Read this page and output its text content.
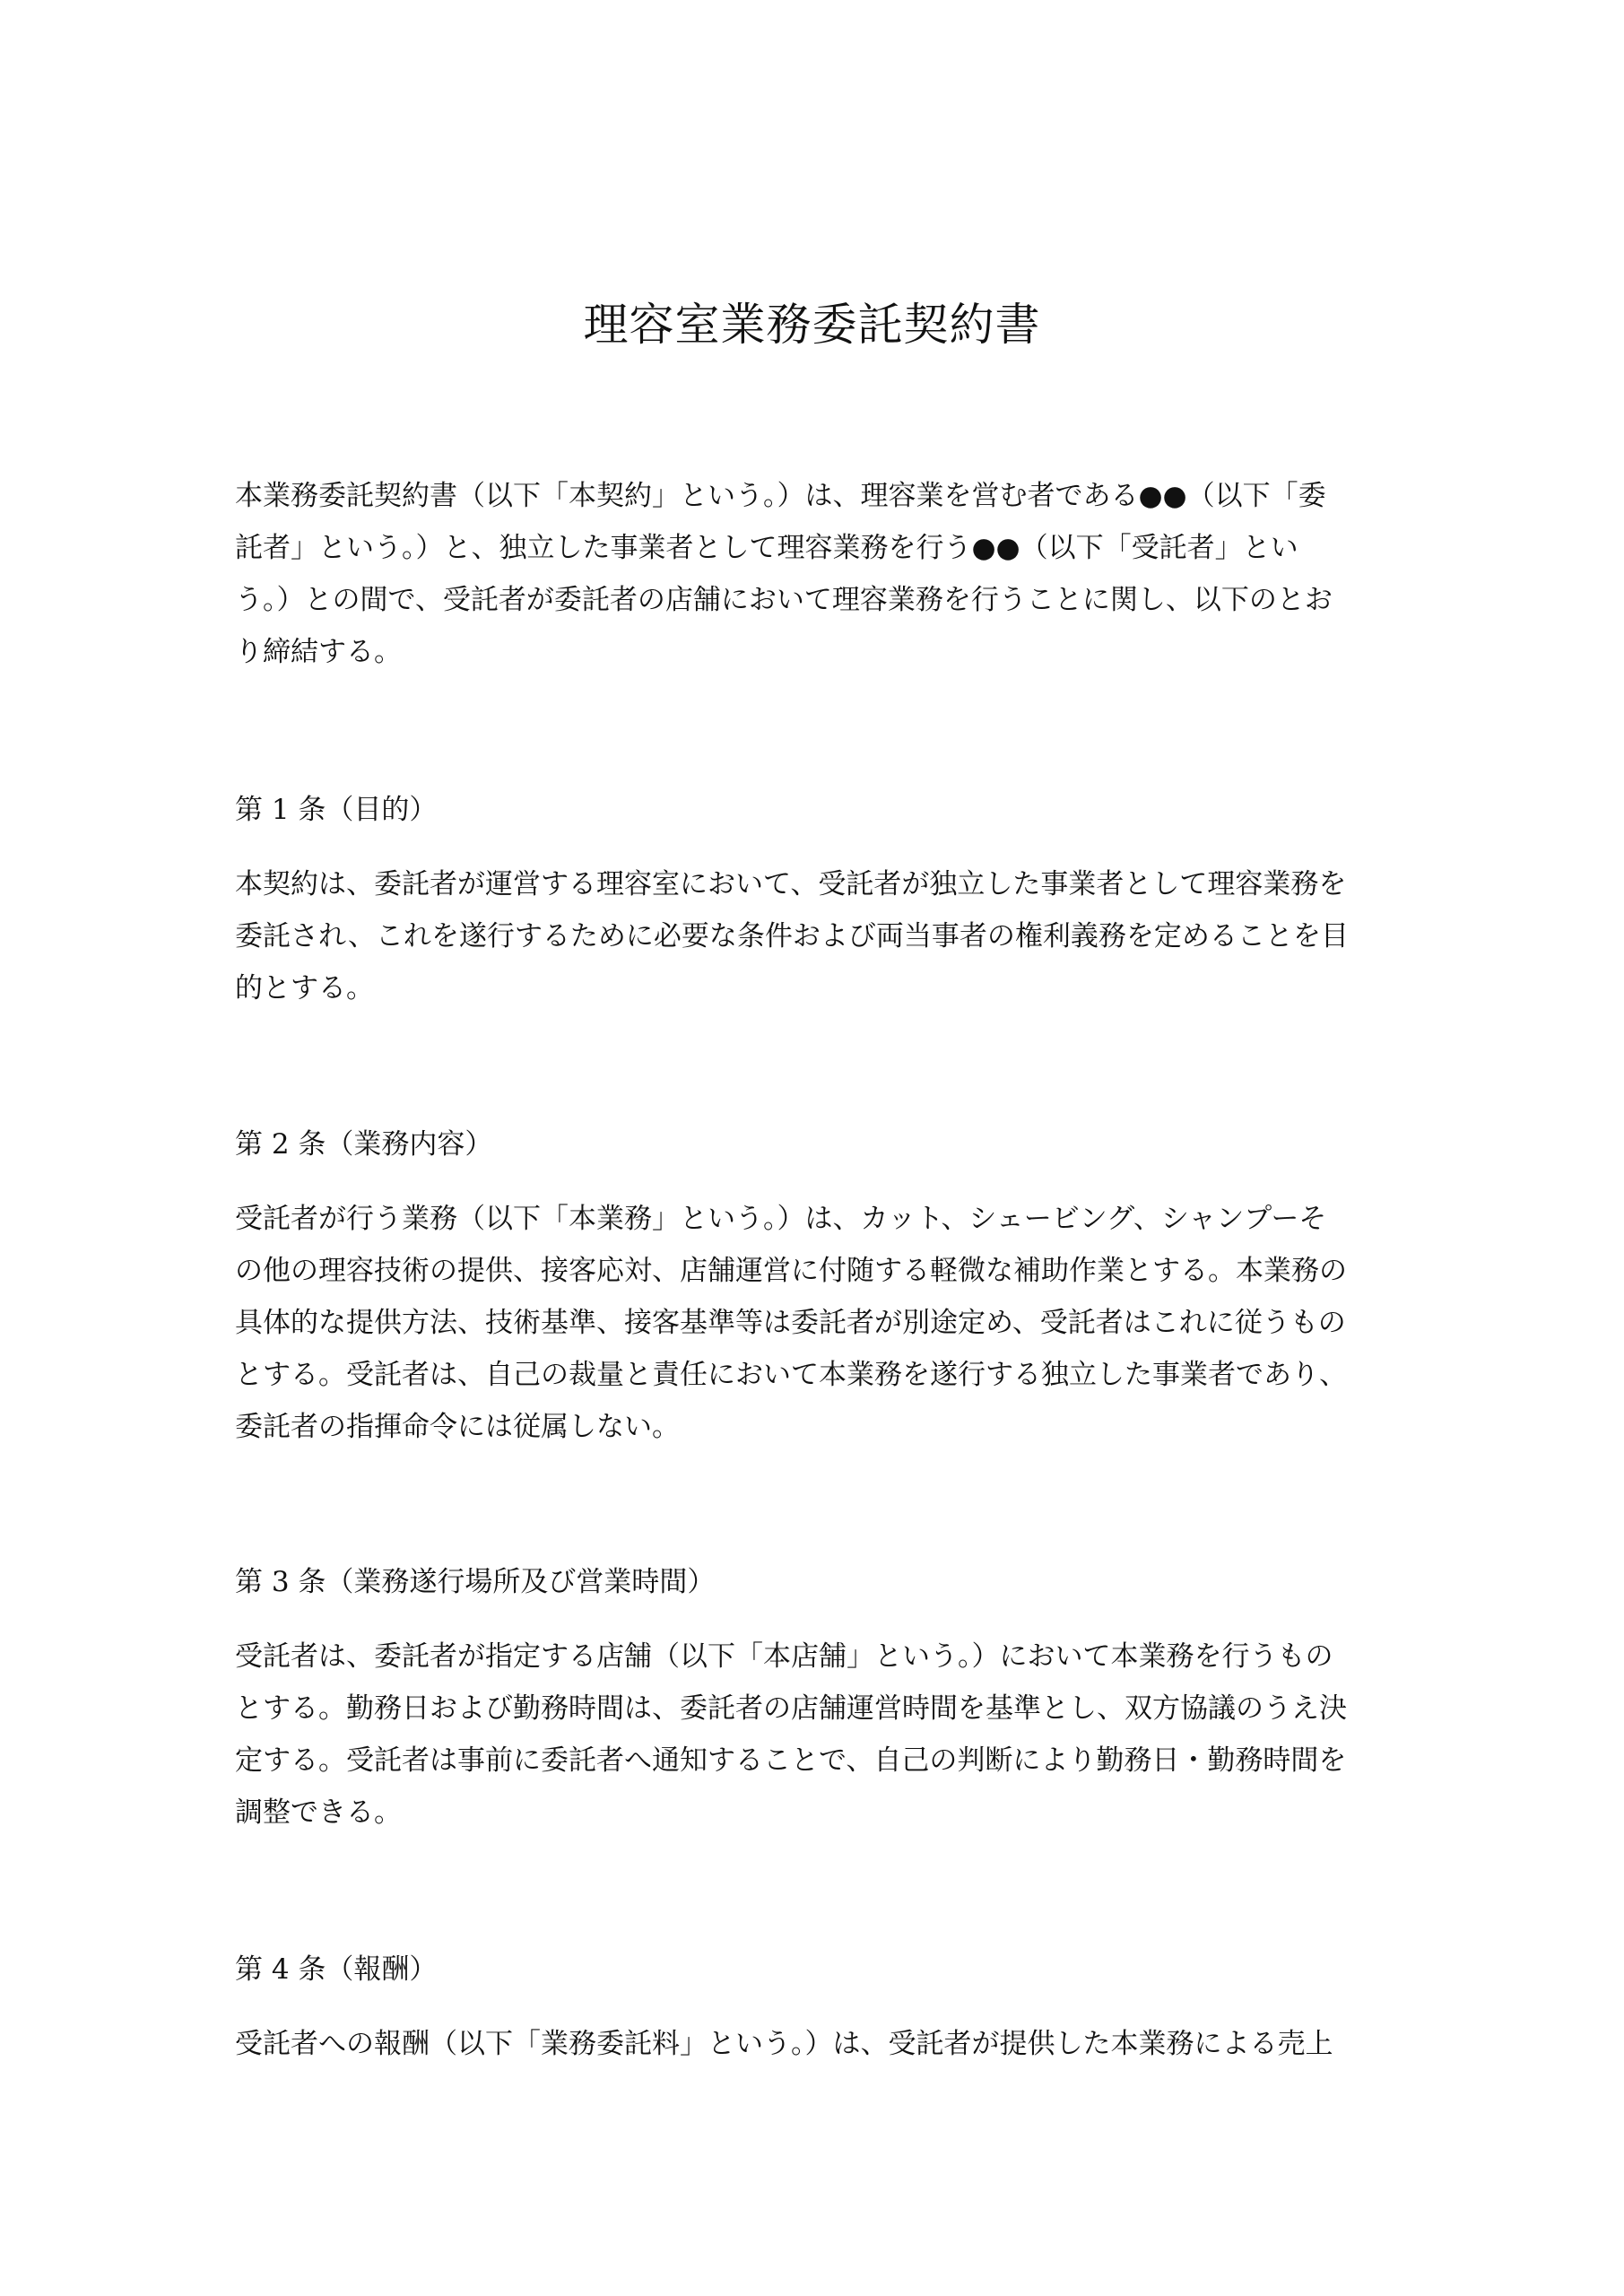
理容室業務委託契約書
本業務委託契約書（以下「本契約」という。）は、理容業を営む者である●●（以下「委
託者」という。）と、独立した事業者として理容業務を行う●●（以下「受託者」とい
う。）との間で、受託者が委託者の店舗において理容業務を行うことに関し、以下のとお
り締結する。
第 1 条（目的）
本契約は、委託者が運営する理容室において、受託者が独立した事業者として理容業務を
委託され、これを遂行するために必要な条件および両当事者の権利義務を定めることを目
的とする。
第 2 条（業務内容）
受託者が行う業務（以下「本業務」という。）は、カット、シェービング、シャンプーそ
の他の理容技術の提供、接客応対、店舗運営に付随する軽微な補助作業とする。本業務の
具体的な提供方法、技術基準、接客基準等は委託者が別途定め、受託者はこれに従うもの
とする。受託者は、自己の裁量と責任において本業務を遂行する独立した事業者であり、
委託者の指揮命令には従属しない。
第 3 条（業務遂行場所及び営業時間）
受託者は、委託者が指定する店舗（以下「本店舗」という。）において本業務を行うもの
とする。勤務日および勤務時間は、委託者の店舗運営時間を基準とし、双方協議のうえ決
定する。受託者は事前に委託者へ通知することで、自己の判断により勤務日・勤務時間を
調整できる。
第 4 条（報酬）
受託者への報酬（以下「業務委託料」という。）は、受託者が提供した本業務による売上
